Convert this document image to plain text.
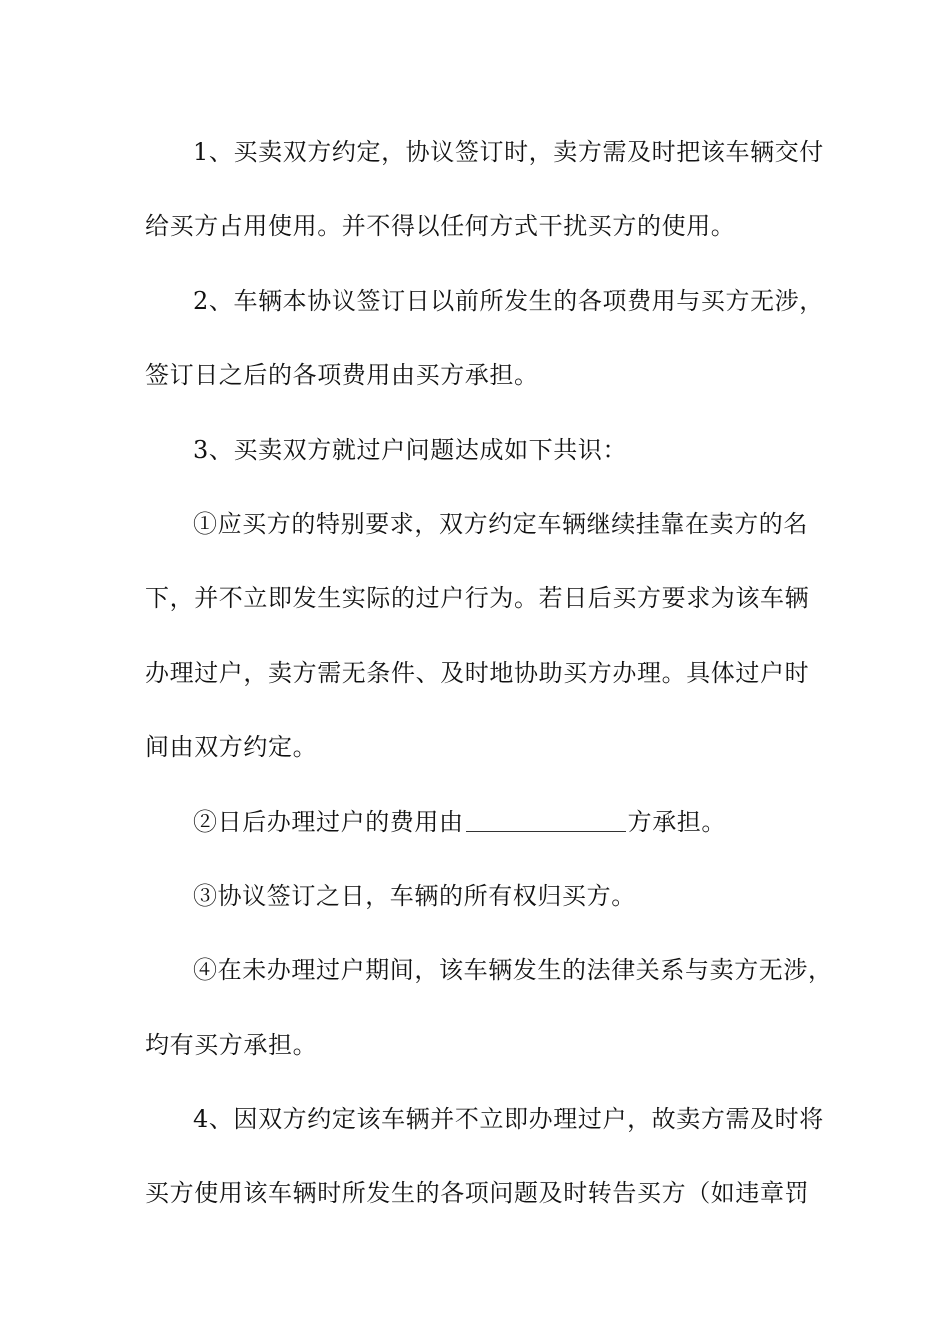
1、买卖双方约定，协议签订时，卖方需及时把该车辆交付
给买方占用使用。并不得以任何方式干扰买方的使用。
2、车辆本协议签订日以前所发生的各项费用与买方无涉，
签订日之后的各项费用由买方承担。
3、买卖双方就过户问题达成如下共识：
①应买方的特别要求，双方约定车辆继续挂靠在卖方的名
下，并不立即发生实际的过户行为。若日后买方要求为该车辆
办理过户，卖方需无条件、及时地协助买方办理。具体过户时
间由双方约定。
②日后办理过户的费用由	方承担。
③协议签订之日，车辆的所有权归买方。
④在未办理过户期间，该车辆发生的法律关系与卖方无涉，
均有买方承担。
4、因双方约定该车辆并不立即办理过户，故卖方需及时将
买方使用该车辆时所发生的各项问题及时转告买方（如违章罚
